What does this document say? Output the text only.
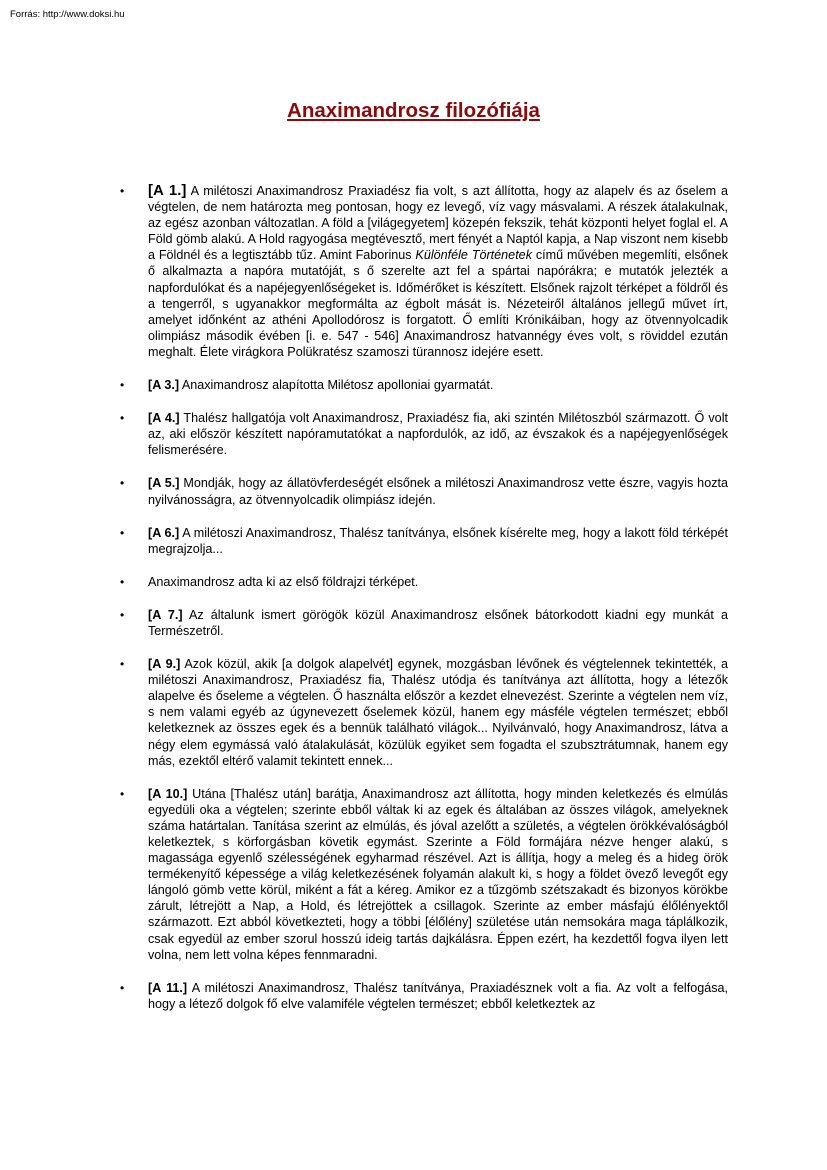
Forrás: http://www.doksi.hu
Anaximandrosz filozófiája
• [A 1.] A milétoszi Anaximandrosz Praxiadész fia volt, s azt állította, hogy az alapelv és az őselem a végtelen, de nem határozta meg pontosan, hogy ez levegő, víz vagy másvalami. A részek átalakulnak, az egész azonban változatlan. A föld a [világegyetem] közepén fekszik, tehát központi helyet foglal el. A Föld gömb alakú. A Hold ragyogása megtévesztő, mert fényét a Naptól kapja, a Nap viszont nem kisebb a Földnél és a legtisztább tűz. Amint Faborinus Különféle Történetek című művében megemlíti, elsőnek ő alkalmazta a napóra mutatóját, s ő szerelte azt fel a spártai napórákra; e mutatók jelezték a napfordulókat és a napéjegyenlőségeket is. Időmérőket is készített. Elsőnek rajzolt térképet a földről és a tengerről, s ugyanakkor megformálta az égbolt mását is. Nézeteiről általános jellegű művet írt, amelyet időnként az athéni Apollodórosz is forgatott. Ő említi Krónikáiban, hogy az ötvennyolcadik olimpiász második évében [i. e. 547 - 546] Anaximandrosz hatvannégy éves volt, s röviddel ezután meghalt. Élete virágkora Polükratész szamoszi türannosz idejére esett.
• [A 3.] Anaximandrosz alapította Milétosz apolloniai gyarmatát.
• [A 4.] Thalész hallgatója volt Anaximandrosz, Praxiadész fia, aki szintén Milétoszból származott. Ő volt az, aki először készített napóramutatókat a napfordulók, az idő, az évszakok és a napéjegyenlőségek felismerésére.
• [A 5.] Mondják, hogy az állatövferdeségét elsőnek a milétoszi Anaximandrosz vette észre, vagyis hozta nyilvánosságra, az ötvennyolcadik olimpiász idején.
• [A 6.] A milétoszi Anaximandrosz, Thalész tanítványa, elsőnek kísérelte meg, hogy a lakott föld térképét megrajzolja...
• Anaximandrosz adta ki az első földrajzi térképet.
• [A 7.] Az általunk ismert görögök közül Anaximandrosz elsőnek bátorkodott kiadni egy munkát a Természetről.
• [A 9.] Azok közül, akik [a dolgok alapelvét] egynek, mozgásban lévőnek és végtelennek tekintették, a milétoszi Anaximandrosz, Praxiadész fia, Thalész utódja és tanítványa azt állította, hogy a létezők alapelve és őseleme a végtelen. Ő használta először a kezdet elnevezést. Szerinte a végtelen nem víz, s nem valami egyéb az úgynevezett őselemek közül, hanem egy másféle végtelen természet; ebből keletkeznek az összes egek és a bennük található világok... Nyilvánvaló, hogy Anaximandrosz, látva a négy elem egymássá való átalakulását, közülük egyiket sem fogadta el szubsztrátumnak, hanem egy más, ezektől eltérő valamit tekintett ennek...
• [A 10.] Utána [Thalész után] barátja, Anaximandrosz azt állította, hogy minden keletkezés és elmúlás egyedüli oka a végtelen; szerinte ebből váltak ki az egek és általában az összes világok, amelyeknek száma határtalan. Tanítása szerint az elmúlás, és jóval azelőtt a születés, a végtelen örökkévalóságból keletkeztek, s körforgásban követik egymást. Szerinte a Föld formájára nézve henger alakú, s magassága egyenlő szélességének egyharmad részével. Azt is állítja, hogy a meleg és a hideg örök termékenyítő képessége a világ keletkezésének folyamán alakult ki, s hogy a földet övező levegőt egy lángoló gömb vette körül, miként a fát a kéreg. Amikor ez a tűzgömb szétszakadt és bizonyos körökbe zárult, létrejött a Nap, a Hold, és létrejöttek a csillagok. Szerinte az ember másfajú élőlényektől származott. Ezt abból következteti, hogy a többi [élőlény] születése után nemsokára maga táplálkozik, csak egyedül az ember szorul hosszú ideig tartás dajkálásra. Éppen ezért, ha kezdettől fogva ilyen lett volna, nem lett volna képes fennmaradni.
• [A 11.] A milétoszi Anaximandrosz, Thalész tanítványa, Praxiadésznek volt a fia. Az volt a felfogása, hogy a létező dolgok fő elve valamiféle végtelen természet; ebből keletkeztek az
